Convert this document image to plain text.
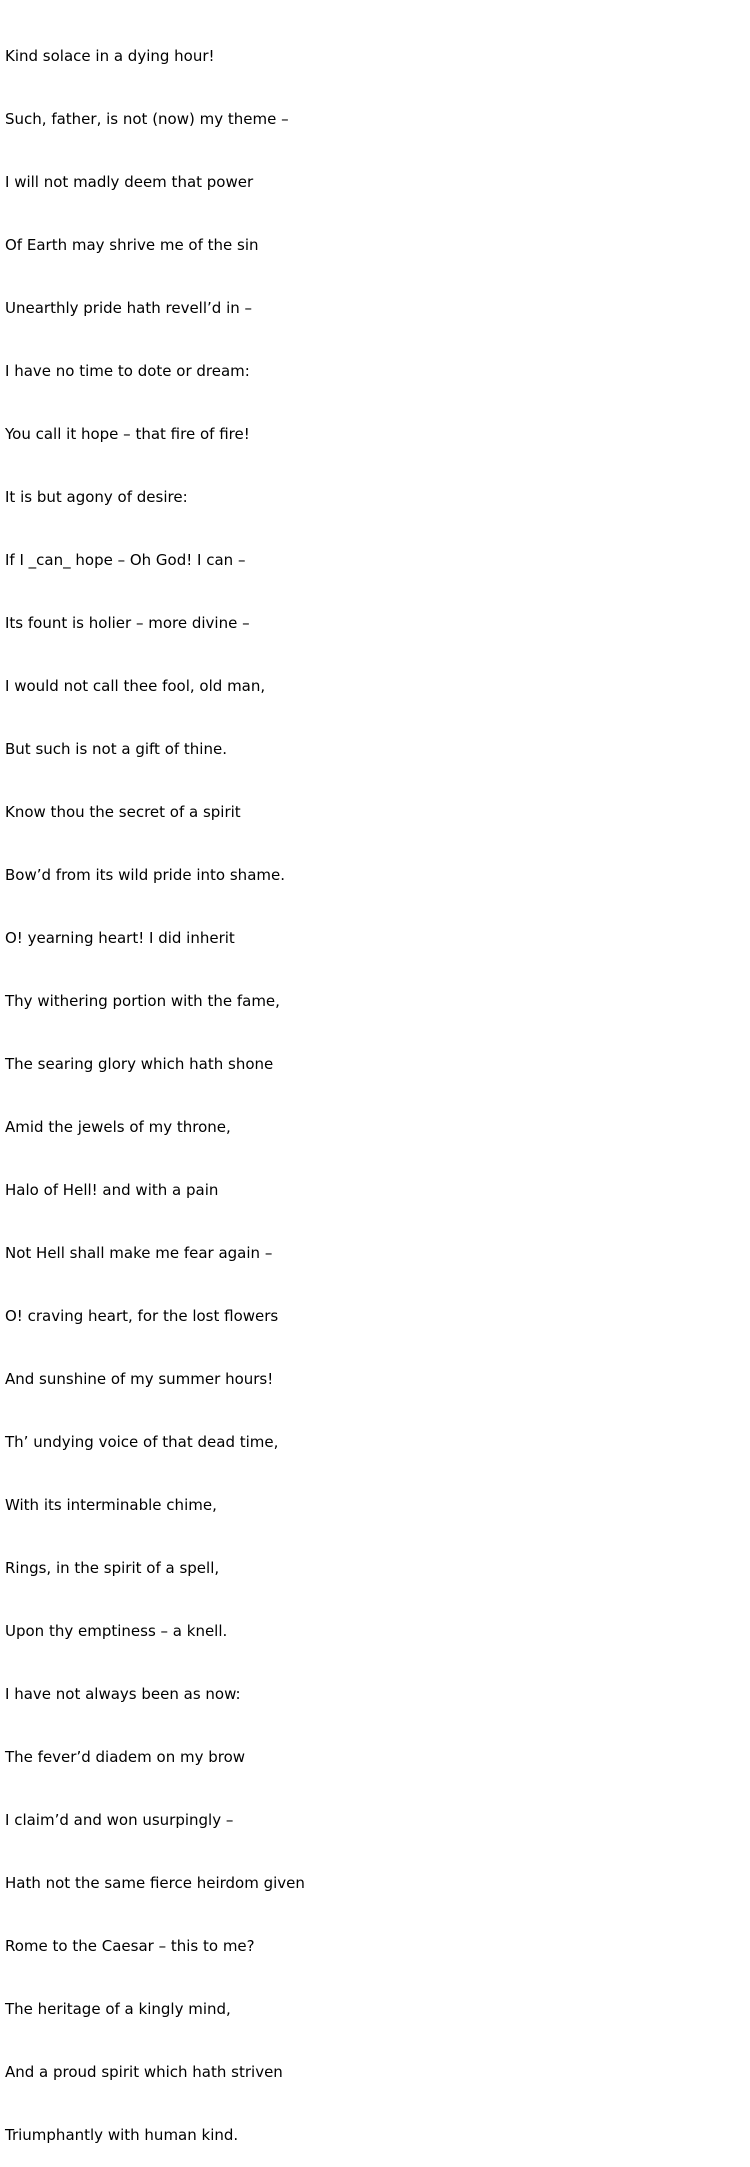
Kind solace in a dying hour!

Such, father, is not (now) my theme –

I will not madly deem that power

Of Earth may shrive me of the sin

Unearthly pride hath revell’d in –

I have no time to dote or dream:

You call it hope – that fire of fire!

It is but agony of desire:

If I _can_ hope – Oh God! I can –

Its fount is holier – more divine –

I would not call thee fool, old man,

But such is not a gift of thine.

Know thou the secret of a spirit

Bow’d from its wild pride into shame.

O! yearning heart! I did inherit

Thy withering portion with the fame,

The searing glory which hath shone

Amid the jewels of my throne,

Halo of Hell! and with a pain

Not Hell shall make me fear again –

O! craving heart, for the lost flowers

And sunshine of my summer hours!

Th’ undying voice of that dead time,

With its interminable chime,

Rings, in the spirit of a spell,

Upon thy emptiness – a knell.

I have not always been as now:

The fever’d diadem on my brow

I claim’d and won usurpingly –

Hath not the same fierce heirdom given

Rome to the Caesar – this to me?

The heritage of a kingly mind,

And a proud spirit which hath striven

Triumphantly with human kind.
